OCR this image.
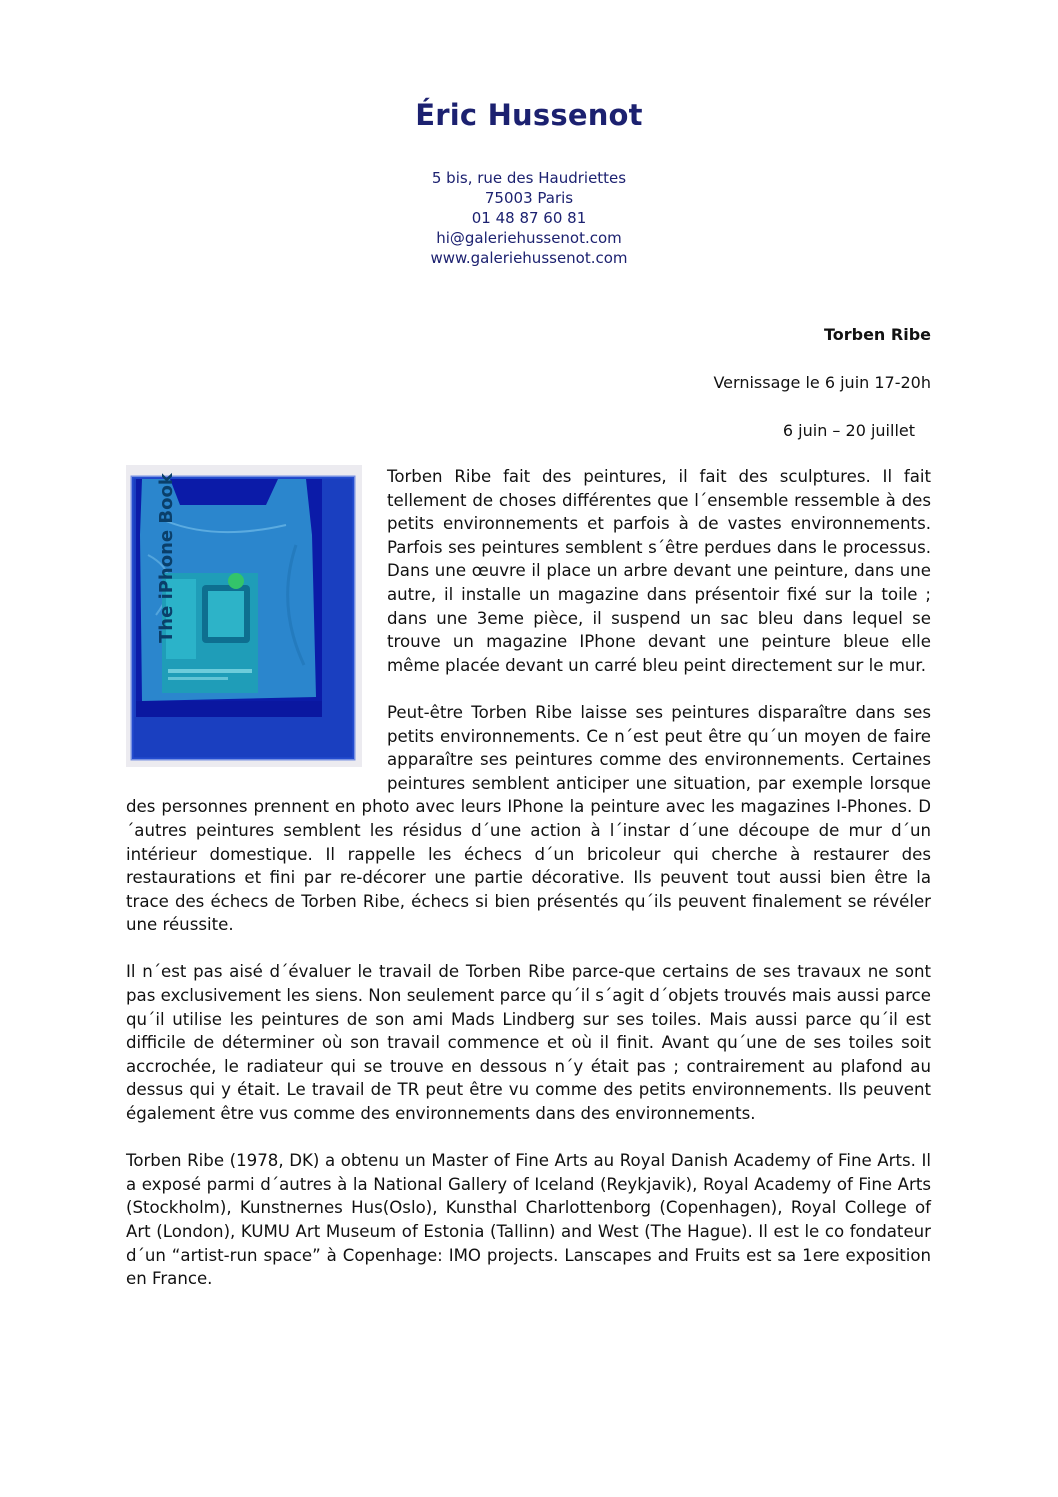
Éric Hussenot
5 bis, rue des Haudriettes
75003 Paris
01 48 87 60 81
hi@galeriehussenot.com
www.galeriehussenot.com
Torben Ribe
Vernissage le 6 juin 17-20h
6 juin – 20 juillet
The iPhone Book	Torben Ribe fait des peintures, il fait des sculptures. Il fait tellement de choses différentes que l´ensemble ressemble à des petits environnements et parfois à de vastes environnements. Parfois ses peintures semblent s´être perdues dans le processus. Dans une œuvre il place un arbre devant une peinture, dans une autre, il installe un magazine dans présentoir fixé sur la toile ; dans une 3eme pièce, il suspend un sac bleu dans lequel se trouve un magazine IPhone devant une peinture bleue elle même placée devant un carré bleu peint directement sur le mur.

Peut-être Torben Ribe laisse ses peintures disparaître dans ses petits environnements. Ce n´est peut être qu´un moyen de faire apparaître ses peintures comme des environnements. Certaines peintures semblent anticiper une situation, par exemple lorsque des personnes prennent en photo avec leurs IPhone la peinture avec les magazines I-Phones. D´autres peintures semblent les résidus d´une action à l´instar d´une découpe de mur d´un intérieur domestique. Il rappelle les échecs d´un bricoleur qui cherche à restaurer des restaurations et fini par re-décorer une partie décorative. Ils peuvent tout aussi bien être la trace des échecs de Torben Ribe, échecs si bien présentés qu´ils peuvent finalement se révéler une réussite.

Il n´est pas aisé d´évaluer le travail de Torben Ribe parce-que certains de ses travaux ne sont pas exclusivement les siens. Non seulement parce qu´il s´agit d´objets trouvés mais aussi parce qu´il utilise les peintures de son ami Mads Lindberg sur ses toiles. Mais aussi parce qu´il est difficile de déterminer où son travail commence et où il finit. Avant qu´une de ses toiles soit accrochée, le radiateur qui se trouve en dessous n´y était pas ; contrairement au plafond au dessus qui y était. Le travail de TR peut être vu comme des petits environnements. Ils peuvent également être vus comme des environnements dans des environnements.

Torben Ribe (1978, DK) a obtenu un Master of Fine Arts au Royal Danish Academy of Fine Arts. Il a exposé parmi d´autres à la National Gallery of Iceland (Reykjavik), Royal Academy of Fine Arts (Stockholm), Kunstnernes Hus(Oslo), Kunsthal Charlottenborg (Copenhagen), Royal College of Art (London), KUMU Art Museum of Estonia (Tallinn) and West (The Hague). Il est le co fondateur d´un “artist-run space” à Copenhage: IMO projects. Lanscapes and Fruits est sa 1ere exposition en France.
